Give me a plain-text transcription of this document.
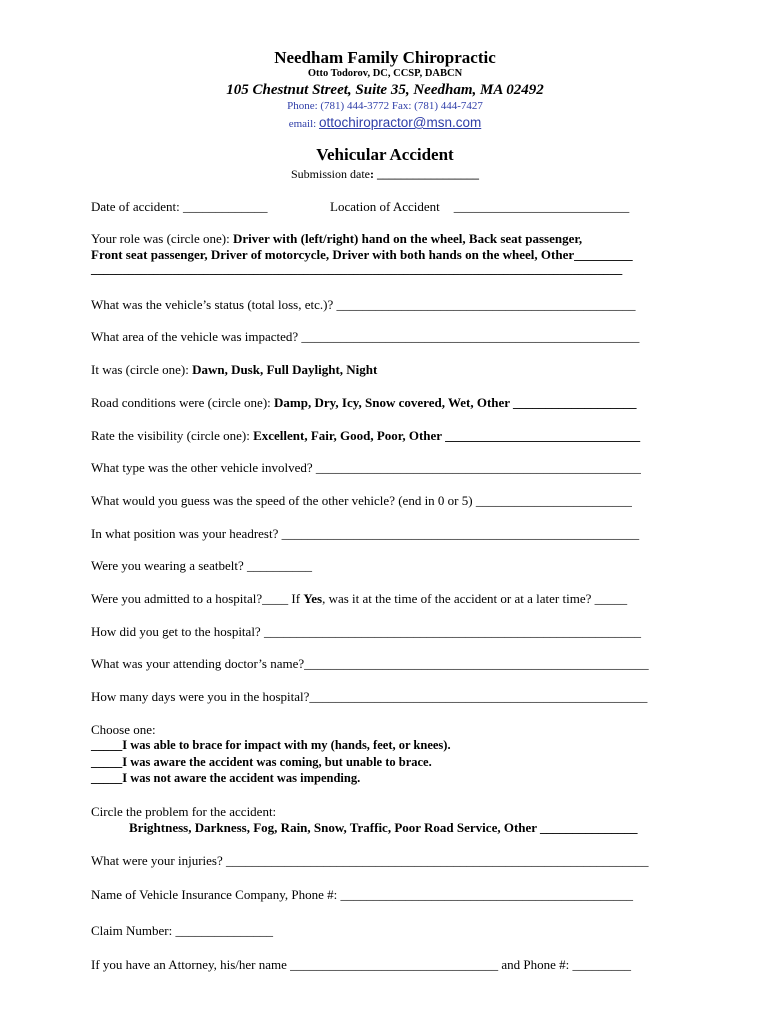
Needham Family Chiropractic
Otto Todorov, DC, CCSP, DABCN
105 Chestnut Street, Suite 35, Needham, MA 02492
Phone: (781) 444-3772 Fax: (781) 444-7427
email: ottochiropractor@msn.com
Vehicular Accident
Submission date: _________________
Date of accident: _____________	Location of Accident ___________________________
Your role was (circle one): Driver with (left/right) hand on the wheel, Back seat passenger,
Front seat passenger, Driver of motorcycle, Driver with both hands on the wheel, Other_________
_____________________________________________________________________________________
What was the vehicle’s status (total loss, etc.)? ______________________________________________
What area of the vehicle was impacted? ____________________________________________________
It was (circle one): Dawn, Dusk, Full Daylight, Night
Road conditions were (circle one): Damp, Dry, Icy, Snow covered, Wet, Other ___________________
Rate the visibility (circle one): Excellent, Fair, Good, Poor, Other ______________________________
What type was the other vehicle involved? __________________________________________________
What would you guess was the speed of the other vehicle? (end in 0 or 5) ________________________
In what position was your headrest? _______________________________________________________
Were you wearing a seatbelt? __________
Were you admitted to a hospital?____ If Yes, was it at the time of the accident or at a later time? _____
How did you get to the hospital? __________________________________________________________
What was your attending doctor’s name?_____________________________________________________
How many days were you in the hospital?____________________________________________________
Choose one:
_____I was able to brace for impact with my (hands, feet, or knees).
_____I was aware the accident was coming, but unable to brace.
_____I was not aware the accident was impending.
Circle the problem for the accident:
Brightness, Darkness, Fog, Rain, Snow, Traffic, Poor Road Service, Other _______________
What were your injuries? _________________________________________________________________
Name of Vehicle Insurance Company, Phone #: _____________________________________________
Claim Number: _______________
If you have an Attorney, his/her name ________________________________ and Phone #: _________
